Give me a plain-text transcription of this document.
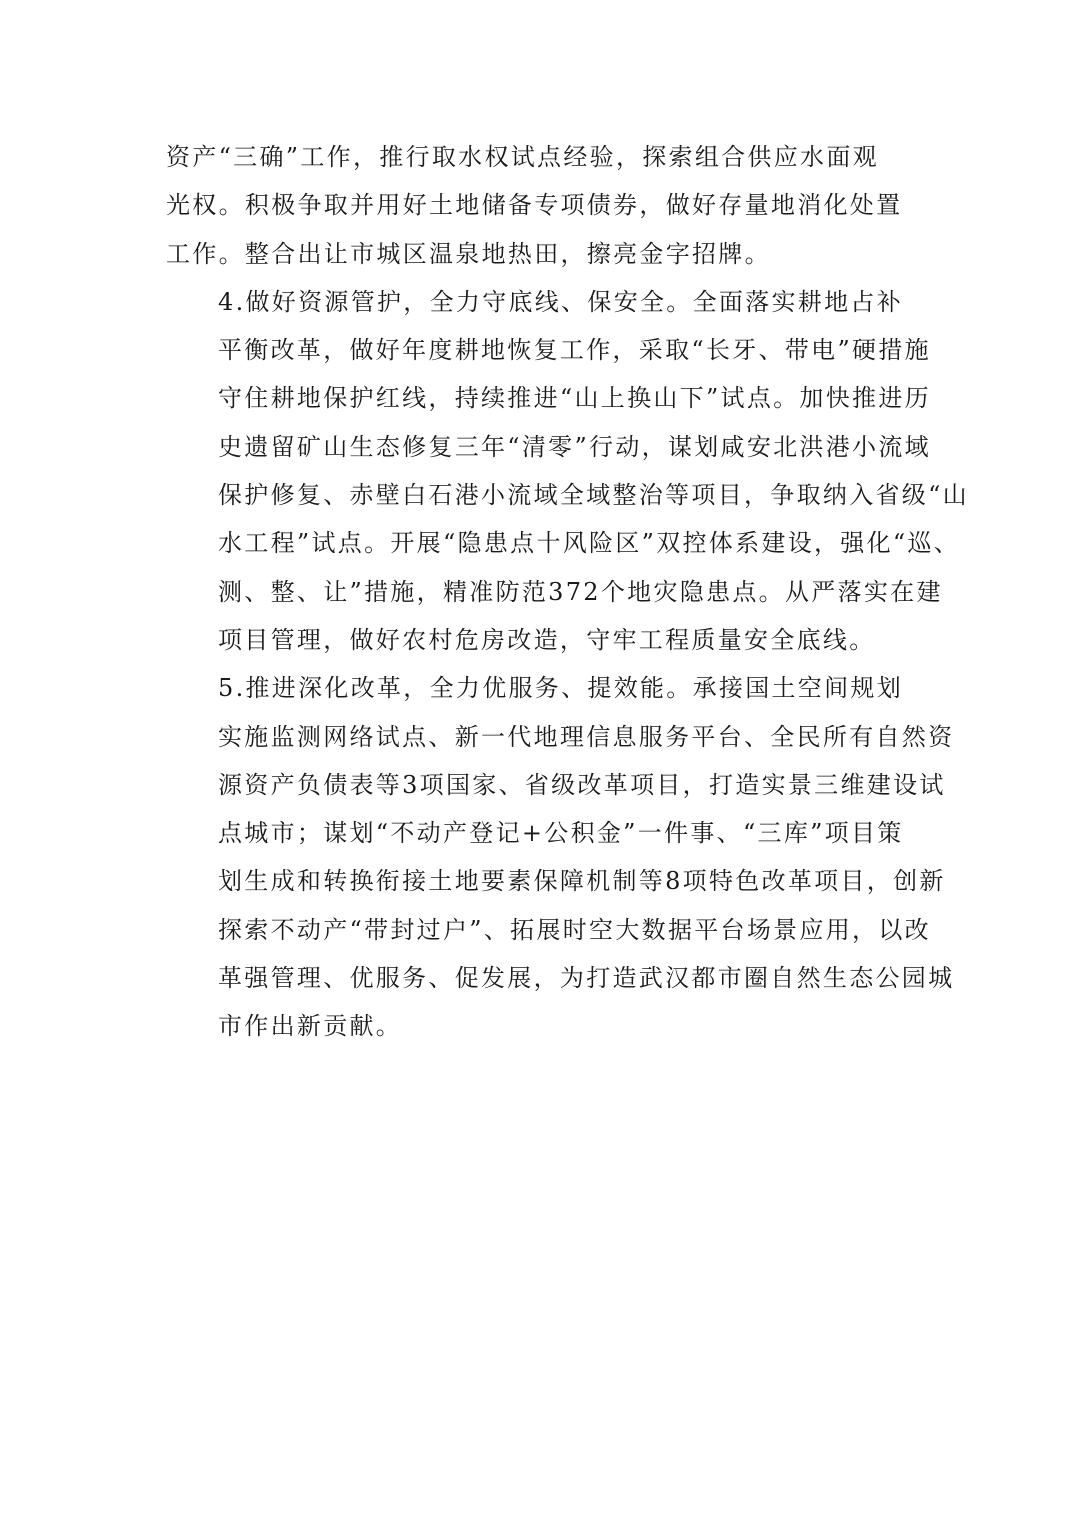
资产“三确”工作，推行取水权试点经验，探索组合供应水面观
光权。积极争取并用好土地储备专项债券，做好存量地消化处置
工作。整合出让市城区温泉地热田，擦亮金字招牌。

4.做好资源管护，全力守底线、保安全。全面落实耕地占补
平衡改革，做好年度耕地恢复工作，采取“长牙、带电”硬措施
守住耕地保护红线，持续推进“山上换山下”试点。加快推进历
史遗留矿山生态修复三年“清零”行动，谋划咸安北洪港小流域
保护修复、赤壁白石港小流域全域整治等项目，争取纳入省级“山
水工程”试点。开展“隐患点十风险区”双控体系建设，强化“巡、
测、整、让”措施，精准防范372个地灾隐患点。从严落实在建
项目管理，做好农村危房改造，守牢工程质量安全底线。

5.推进深化改革，全力优服务、提效能。承接国土空间规划
实施监测网络试点、新一代地理信息服务平台、全民所有自然资
源资产负债表等3项国家、省级改革项目，打造实景三维建设试
点城市；谋划“不动产登记+公积金”一件事、“三库”项目策
划生成和转换衔接土地要素保障机制等8项特色改革项目，创新
探索不动产“带封过户”、拓展时空大数据平台场景应用，以改
革强管理、优服务、促发展，为打造武汉都市圈自然生态公园城
市作出新贡献。
